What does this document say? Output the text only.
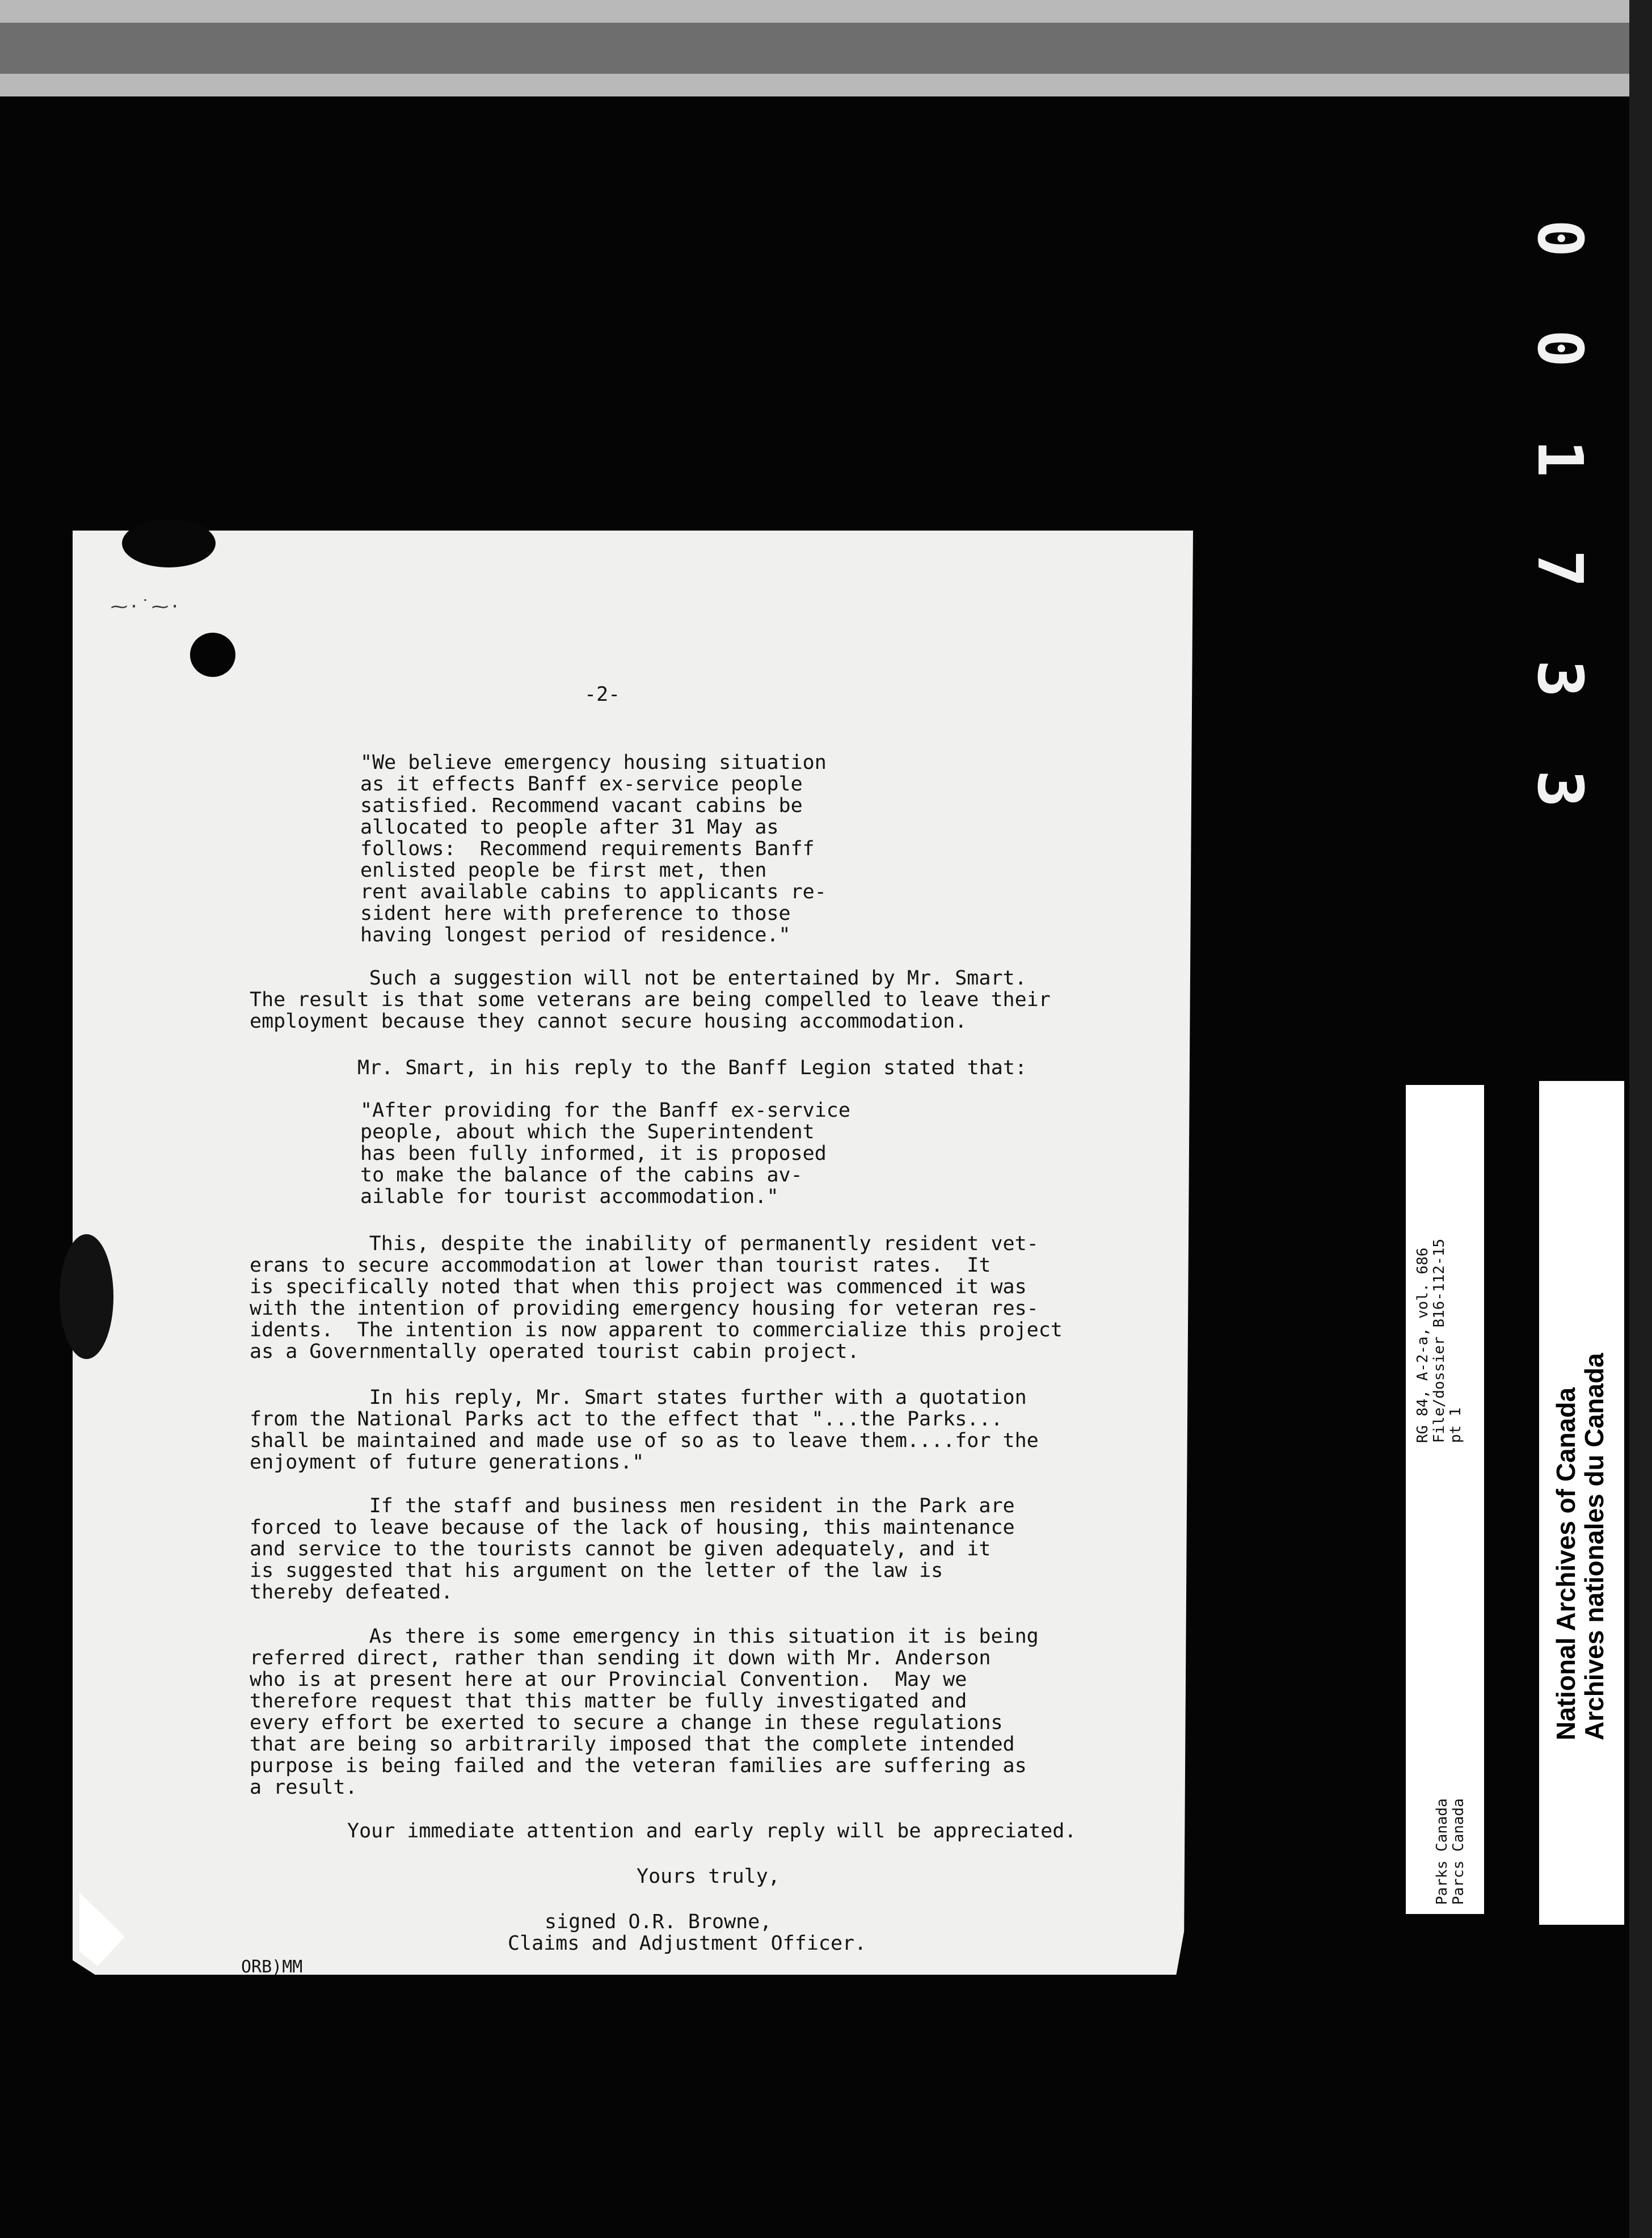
0
0
1
7
3
3
⁓·˙⁓·
-2-
"We believe emergency housing situation
as it effects Banff ex-service people
satisfied. Recommend vacant cabins be
allocated to people after 31 May as
follows:  Recommend requirements Banff
enlisted people be first met, then
rent available cabins to applicants re-
sident here with preference to those
having longest period of residence."
Such a suggestion will not be entertained by Mr. Smart.
The result is that some veterans are being compelled to leave their
employment because they cannot secure housing accommodation.
Mr. Smart, in his reply to the Banff Legion stated that:
"After providing for the Banff ex-service
people, about which the Superintendent
has been fully informed, it is proposed
to make the balance of the cabins av-
ailable for tourist accommodation."
This, despite the inability of permanently resident vet-
erans to secure accommodation at lower than tourist rates.  It
is specifically noted that when this project was commenced it was
with the intention of providing emergency housing for veteran res-
idents.  The intention is now apparent to commercialize this project
as a Governmentally operated tourist cabin project.
In his reply, Mr. Smart states further with a quotation
from the National Parks act to the effect that "...the Parks...
shall be maintained and made use of so as to leave them....for the
enjoyment of future generations."
If the staff and business men resident in the Park are
forced to leave because of the lack of housing, this maintenance
and service to the tourists cannot be given adequately, and it
is suggested that his argument on the letter of the law is
thereby defeated.
As there is some emergency in this situation it is being
referred direct, rather than sending it down with Mr. Anderson
who is at present here at our Provincial Convention.  May we
therefore request that this matter be fully investigated and
every effort be exerted to secure a change in these regulations
that are being so arbitrarily imposed that the complete intended
purpose is being failed and the veteran families are suffering as
a result.
Your immediate attention and early reply will be appreciated.
Yours truly,
signed O.R. Browne,
Claims and Adjustment Officer.
ORB)MM
RG 84, A-2-a, vol. 686
File/dossier B16-112-15
pt 1
Parks Canada
Parcs Canada
National Archives of Canada
Archives nationales du Canada
